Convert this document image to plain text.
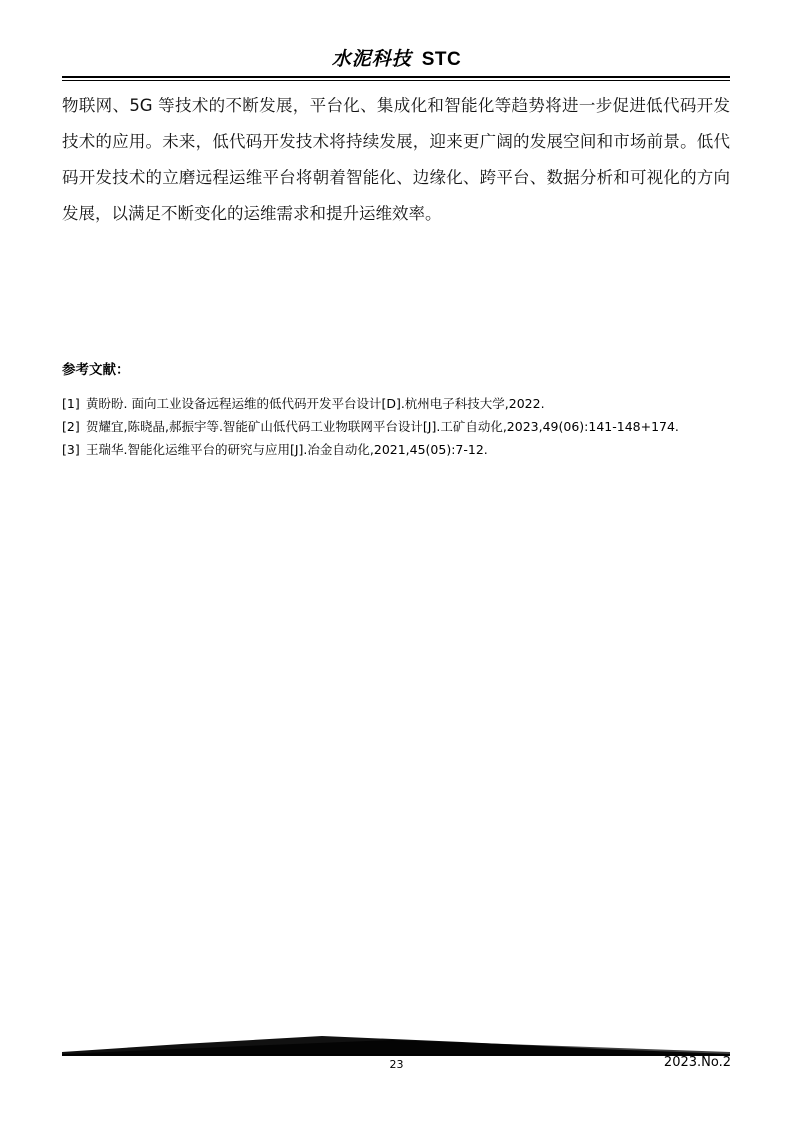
水泥科技 STC
物联网、5G 等技术的不断发展，平台化、集成化和智能化等趋势将进一步促进低代码开发技术的应用。未来，低代码开发技术将持续发展，迎来更广阔的发展空间和市场前景。低代码开发技术的立磨远程运维平台将朝着智能化、边缘化、跨平台、数据分析和可视化的方向发展，以满足不断变化的运维需求和提升运维效率。
参考文献：
[1] 黄盼盼. 面向工业设备远程运维的低代码开发平台设计[D].杭州电子科技大学,2022.
[2] 贺耀宜,陈晓晶,郝振宇等.智能矿山低代码工业物联网平台设计[J].工矿自动化,2023,49(06):141-148+174.
[3] 王瑞华.智能化运维平台的研究与应用[J].冶金自动化,2021,45(05):7-12.
23	2023.No.2
